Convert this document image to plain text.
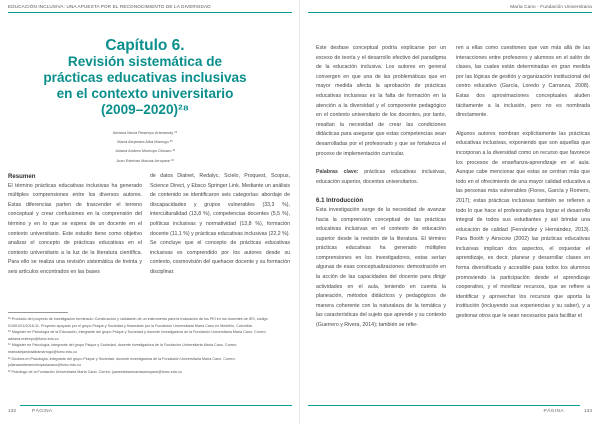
EDUCACIÓN INCLUSIVA: UNA APUESTA POR EL RECONOCIMIENTO DE LA DIVERSIDAD
Capítulo 6.
Revisión sistemática de
prácticas educativas inclusivas
en el contexto universitario
(2009–2020)²⁸
Adriana María Restrepo Arismendy ²⁹
María Alejandra Alba Marrugo ³⁰
Juliana Andrea Montoya Olózaro ³¹
Juan Esteban Macías Arroyave ³²

Resumen

El término prácticas educativas inclusivas ha generado múltiples comprensiones entre los diversos autores. Estas diferencias parten de trascender el terreno conceptual y crear confusiones en la comprensión del término y en lo que se espera de un docente en el contexto universitario. Este estudio tiene como objetivo analizar el concepto de prácticas educativas en el contexto universitario a la luz de la literatura científica. Para ello se realiza una revisión sistemática de treinta y seis artículos encontrados en las bases

de datos Dialnet, Redalyc, Scielo, Proquest, Scopus, Science Direct, y Ebsco Springer Link. Mediante un análisis de contenido se identificaron seis categorías: abordaje de discapacidades y grupos vulnerables (33,3 %), interculturalidad (13,8 %), competencias docentes (5,5 %), políticas inclusivas y normatividad (13,8 %), formación docente (11,1 %) y prácticas educativas inclusivas (22,2 %). Se concluye que el concepto de prácticas educativas inclusivas es comprendido por los autores desde su contexto, cosmovisión del quehacer docente y su formación disciplinar.

²⁸ Producto del proyecto de investigación terminado: Construcción y validación de un instrumento para la evaluación de los PEI en los docentes de IES, código 01/601/01/2018-31. Proyecto apoyado por el grupo Psique y Sociedad y financiado por la Fundación Universitaria María Cano en Medellín, Colombia.

²⁹ Magíster en Psicología de la Educación, integrante del grupo Psique y Sociedad y docente investigadora de la Fundación Universitaria María Cano. Correo: adriana.restrepo@fumc.edu.co

³⁰ Magíster en Psicología, integrante del grupo Psique y Sociedad, docente investigadora de la Fundación Universitaria María Cano. Correo: marioalejandraalbamarrugo@fumc.edu.co

³¹ Doctora en Psicología, integrante del grupo Psique y Sociedad, docente investigadora de la Fundación Universitaria María Cano. Correo: julianaandreamontoyaolaxano@fumc.edu.co

³² Psicólogo de la Fundación Universitaria María Cano. Correo: juanestebanmaciasarroyave@fumc.edu.co

132	PÁGINA
María Cano - Fundación Universitaria

Este desfase conceptual podría explicarse por un exceso de teoría y el desarrollo efectivo del paradigma de la educación inclusiva. Los autores en general convergen en que una de las problemáticas que en mayor medida afecta la aprobación de prácticas educativas inclusivas es la falta de formación en la atención a la diversidad y el componente pedagógico en el contexto universitario de los docentes, por tanto, resaltan la necesidad de crear las condiciones didácticas para asegurar que estas competencias sean desarrolladas por el profesorado y que se fortalezca el proceso de implementación curricular.

Palabras clave: prácticas educativas inclusivas, educación superior, docentes universitarios.

6.1 Introducción

Esta investigación surge de la necesidad de avanzar hacia la comprensión conceptual de las prácticas educativas inclusivas en el contexto de educación superior desde la revisión de la literatura. El término prácticas educativas ha generado múltiples comprensiones en los investigadores, estas serían algunas de esas conceptualizaciones: demostración en la acción de las capacidades del docente para dirigir actividades en el aula, teniendo en cuenta la planeación, métodos didácticos y pedagógicos de manera coherente con la naturaleza de la temática y las características del sujeto que aprende y su contexto (Guerrero y Rivera, 2014); también se refie-

ren a ellas como cuestiones que van más allá de las interacciones entre profesores y alumnos en el salón de clases, las cuales están determinadas en gran medida por las lógicas de gestión y organización institucional del centro educativo (García, Loredo y Carranza, 2008). Estas dos aproximaciones conceptuales aluden tácitamente a la inclusión, pero no es nombrada directamente.

Algunos autores nombran explícitamente las prácticas educativas inclusivas, exponiendo que son aquellas que incorporan a la diversidad como un recurso que favorece los procesos de enseñanza-aprendizaje en el aula. Aunque cabe mencionar que estas se centran más que todo en el ofrecimiento de una mayor calidad educativa a las personas más vulnerables (Flores, García y Romero, 2017); estas prácticas inclusivas también se refieren a todo lo que hace el profesorado para lograr el desarrollo integral de todos sus estudiantes y así brindar una educación de calidad (Fernández y Hernández, 2013). Para Booth y Ainscow (2002) las prácticas educativas inclusivas implican dos aspectos, el orquestar el aprendizaje, es decir, planear y desarrollar clases en forma diversificada y accesible para todos los alumnos promoviendo la participación desde el aprendizaje cooperativo, y el movilizar recursos, que se refiere a identificar y aprovechar los recursos que aporta la institución (incluyendo sus experiencias y su saber), y a gestionar otros que le sean necesarios para facilitar el

PÁGINA	133
